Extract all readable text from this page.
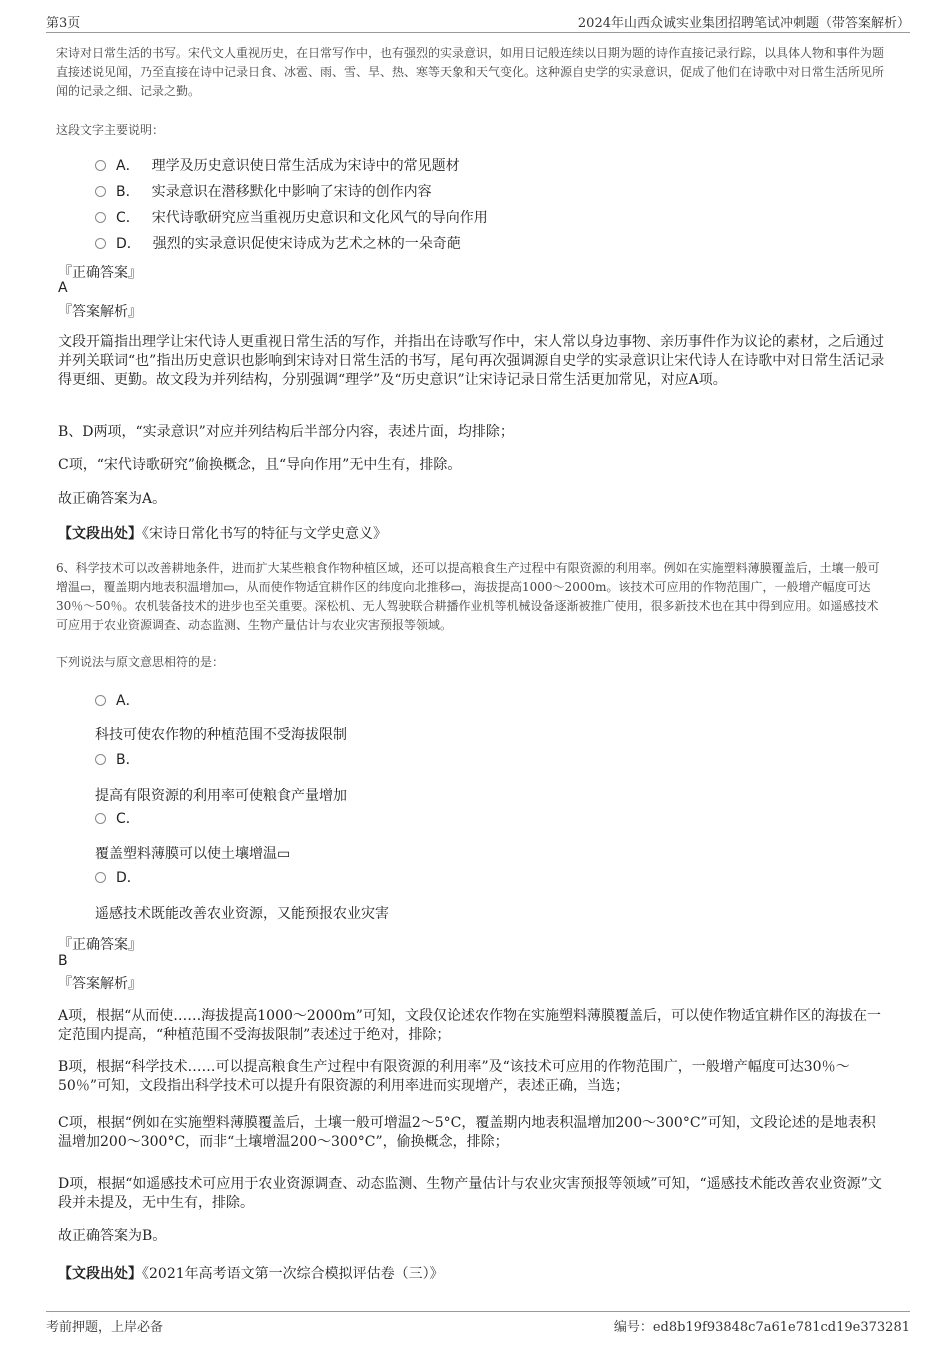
第3页	2024年山西众诚实业集团招聘笔试冲刺题（带答案解析）
宋诗对日常生活的书写。宋代文人重视历史，在日常写作中，也有强烈的实录意识，如用日记般连续以日期为题的诗作直接记录行踪，以具体人物和事件为题直接述说见闻，乃至直接在诗中记录日食、冰雹、雨、雪、旱、热、寒等天象和天气变化。这种源自史学的实录意识，促成了他们在诗歌中对日常生活所见所闻的记录之细、记录之勤。
这段文字主要说明：
A． 理学及历史意识使日常生活成为宋诗中的常见题材
B． 实录意识在潜移默化中影响了宋诗的创作内容
C． 宋代诗歌研究应当重视历史意识和文化风气的导向作用
D． 强烈的实录意识促使宋诗成为艺术之林的一朵奇葩
『正确答案』
A
『答案解析』
文段开篇指出理学让宋代诗人更重视日常生活的写作，并指出在诗歌写作中，宋人常以身边事物、亲历事件作为议论的素材，之后通过并列关联词“也”指出历史意识也影响到宋诗对日常生活的书写，尾句再次强调源自史学的实录意识让宋代诗人在诗歌中对日常生活记录得更细、更勤。故文段为并列结构，分别强调“理学”及“历史意识”让宋诗记录日常生活更加常见，对应A项。
B、D两项，“实录意识”对应并列结构后半部分内容，表述片面，均排除；
C项，“宋代诗歌研究”偷换概念，且“导向作用”无中生有，排除。
故正确答案为A。
【文段出处】《宋诗日常化书写的特征与文学史意义》
6、科学技术可以改善耕地条件，进而扩大某些粮食作物种植区域，还可以提高粮食生产过程中有限资源的利用率。例如在实施塑料薄膜覆盖后，土壤一般可增温▭，覆盖期内地表积温增加▭，从而使作物适宜耕作区的纬度向北推移▭，海拔提高1000～2000m。该技术可应用的作物范围广，一般增产幅度可达30％～50％。农机装备技术的进步也至关重要。深松机、无人驾驶联合耕播作业机等机械设备逐渐被推广使用，很多新技术也在其中得到应用。如遥感技术可应用于农业资源调查、动态监测、生物产量估计与农业灾害预报等领域。
下列说法与原文意思相符的是：
A．
科技可使农作物的种植范围不受海拔限制
B．
提高有限资源的利用率可使粮食产量增加
C．
覆盖塑料薄膜可以使土壤增温▭
D．
遥感技术既能改善农业资源，又能预报农业灾害
『正确答案』
B
『答案解析』
A项，根据“从而使……海拔提高1000～2000m”可知，文段仅论述农作物在实施塑料薄膜覆盖后，可以使作物适宜耕作区的海拔在一定范围内提高，“种植范围不受海拔限制”表述过于绝对，排除；
B项，根据“科学技术……可以提高粮食生产过程中有限资源的利用率”及“该技术可应用的作物范围广，一般增产幅度可达30％～50％”可知，文段指出科学技术可以提升有限资源的利用率进而实现增产，表述正确，当选；
C项，根据“例如在实施塑料薄膜覆盖后，土壤一般可增温2～5°C，覆盖期内地表积温增加200～300°C”可知，文段论述的是地表积温增加200～300°C，而非“土壤增温200～300°C”，偷换概念，排除；
D项，根据“如遥感技术可应用于农业资源调查、动态监测、生物产量估计与农业灾害预报等领域”可知，“遥感技术能改善农业资源”文段并未提及，无中生有，排除。
故正确答案为B。
【文段出处】《2021年高考语文第一次综合模拟评估卷（三）》
考前押题，上岸必备	编号：ed8b19f93848c7a61e781cd19e373281
